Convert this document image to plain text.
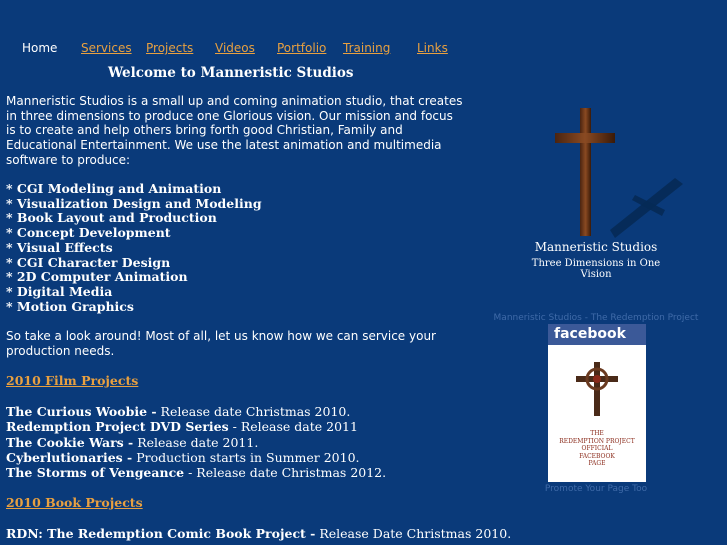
Home Services Projects Videos Portfolio Training Links
Welcome to Manneristic Studios
Manneristic Studios is a small up and coming animation studio, that creates in three dimensions to produce one Glorious vision. Our mission and focus is to create and help others bring forth good Christian, Family and Educational Entertainment. We use the latest animation and multimedia software to produce:
* CGI Modeling and Animation
* Visualization Design and Modeling
* Book Layout and Production
* Concept Development
* Visual Effects
* CGI Character Design
* 2D Computer Animation
* Digital Media
* Motion Graphics
So take a look around! Most of all, let us know how we can service your production needs.
2010 Film Projects
The Curious Woobie - Release date Christmas 2010.
Redemption Project DVD Series - Release date 2011
The Cookie Wars - Release date 2011.
Cyberlutionaries - Production starts in Summer 2010.
The Storms of Vengeance - Release date Christmas 2012.
2010 Book Projects
RDN: The Redemption Comic Book Project - Release Date Christmas 2010.
Manneristic Studios
Three Dimensions in One Vision
Manneristic Studios - The Redemption Project
facebook
THE
REDEMPTION PROJECT
OFFICIAL
FACEBOOK
PAGE
Promote Your Page Too
